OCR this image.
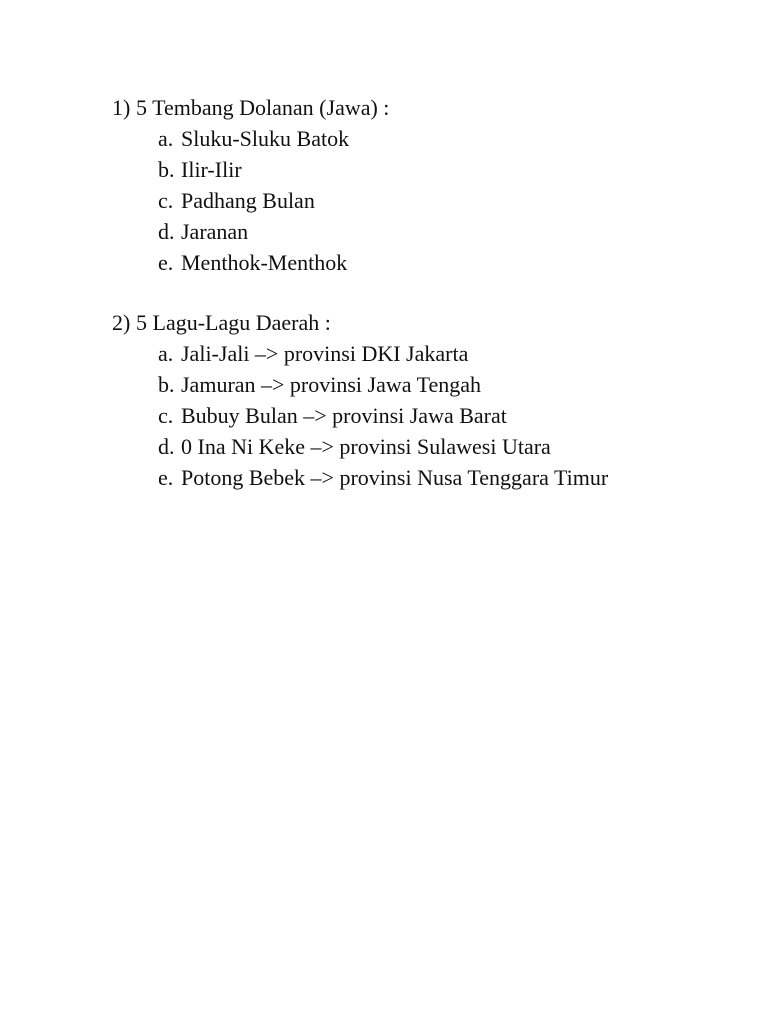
1) 5 Tembang Dolanan (Jawa) :
a. Sluku-Sluku Batok
b. Ilir-Ilir
c. Padhang Bulan
d. Jaranan
e. Menthok-Menthok
2) 5 Lagu-Lagu Daerah :
a. Jali-Jali –> provinsi DKI Jakarta
b. Jamuran –> provinsi Jawa Tengah
c. Bubuy Bulan –> provinsi Jawa Barat
d. 0 Ina Ni Keke –> provinsi Sulawesi Utara
e. Potong Bebek –> provinsi Nusa Tenggara Timur
